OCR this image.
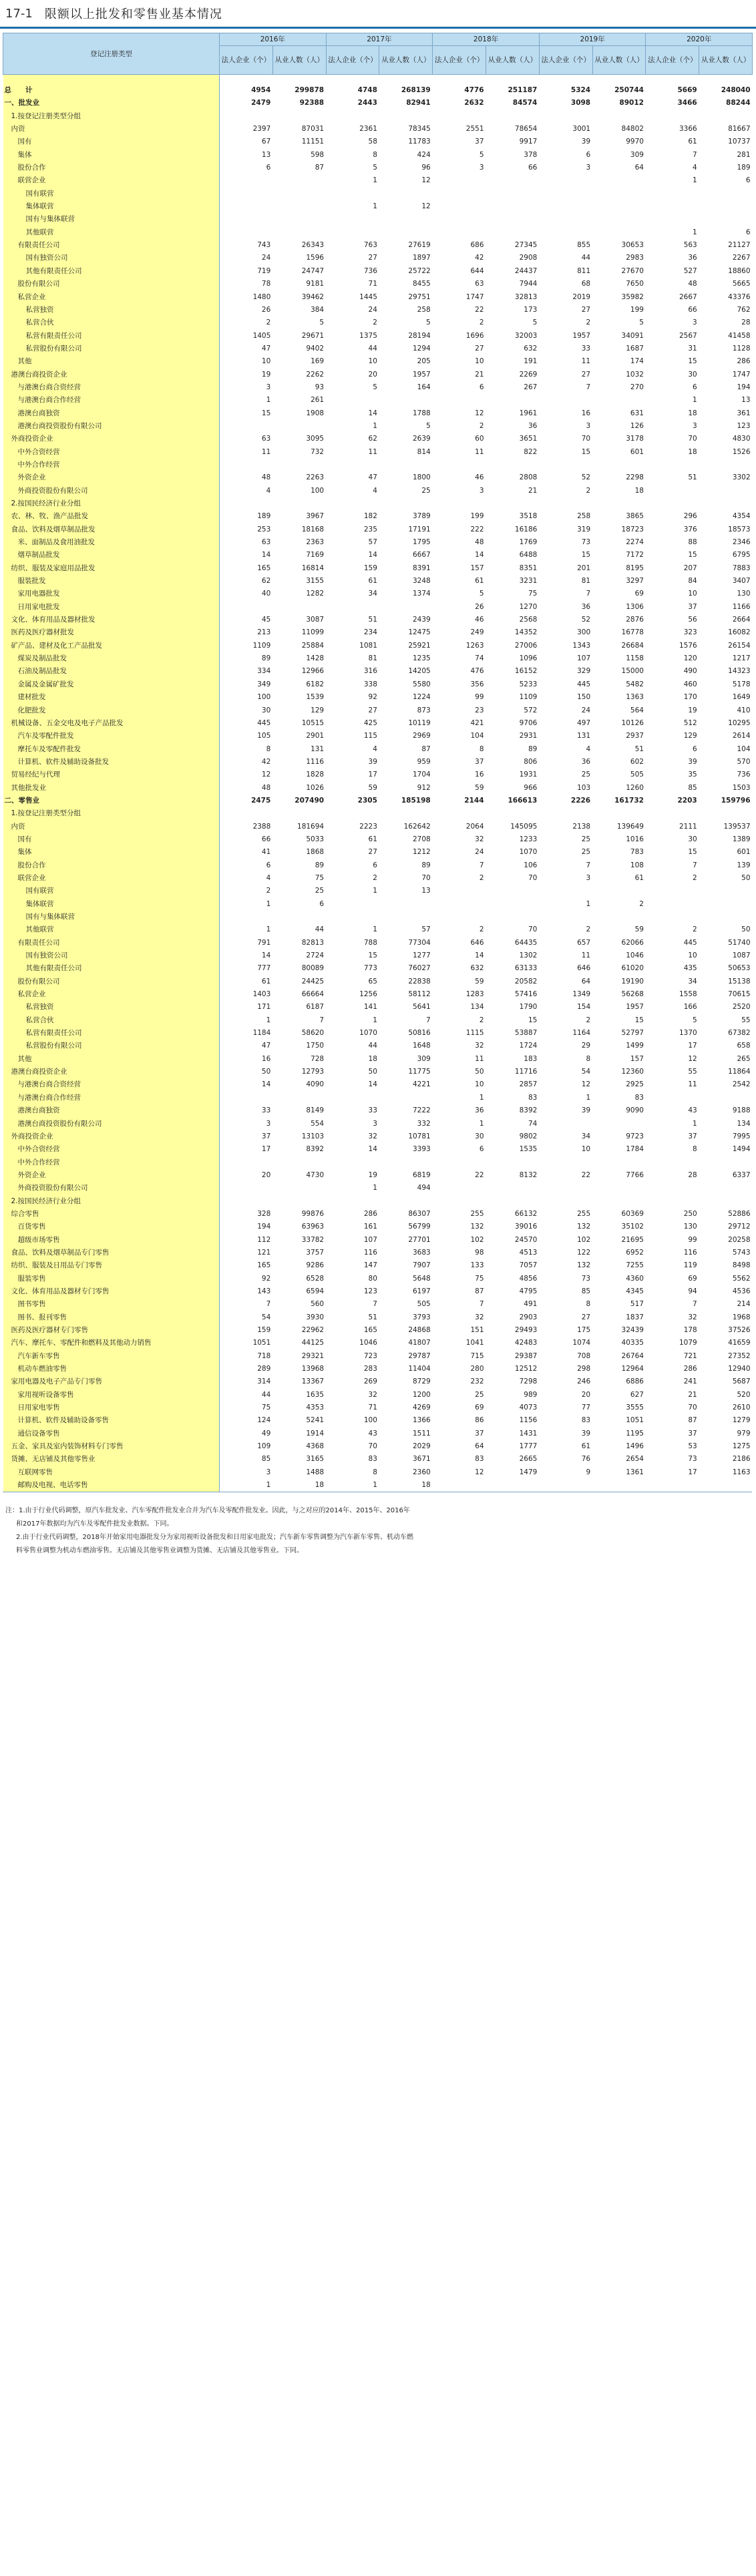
17-1 限额以上批发和零售业基本情况
登记注册类型	2016年		2017年		2018年		2019年		2020年	
	法人企业（个）	从业人数（人）	法人企业（个）	从业人数（人）	法人企业（个）	从业人数（人）	法人企业（个）	从业人数（人）	法人企业（个）	从业人数（人）

总　　计	4954	299878	4748	268139	4776	251187	5324	250744	5669	248040
一、批发业	2479	92388	2443	82941	2632	84574	3098	89012	3466	88244
1.按登记注册类型分组										
内资	2397	87031	2361	78345	2551	78654	3001	84802	3366	81667
国有	67	11151	58	11783	37	9917	39	9970	61	10737
集体	13	598	8	424	5	378	6	309	7	281
股份合作	6	87	5	96	3	66	3	64	4	189
联营企业			1	12					1	6
国有联营										
集体联营			1	12						
国有与集体联营										
其他联营									1	6
有限责任公司	743	26343	763	27619	686	27345	855	30653	563	21127
国有独资公司	24	1596	27	1897	42	2908	44	2983	36	2267
其他有限责任公司	719	24747	736	25722	644	24437	811	27670	527	18860
股份有限公司	78	9181	71	8455	63	7944	68	7650	48	5665
私营企业	1480	39462	1445	29751	1747	32813	2019	35982	2667	43376
私营独资	26	384	24	258	22	173	27	199	66	762
私营合伙	2	5	2	5	2	5	2	5	3	28
私营有限责任公司	1405	29671	1375	28194	1696	32003	1957	34091	2567	41458
私营股份有限公司	47	9402	44	1294	27	632	33	1687	31	1128
其他	10	169	10	205	10	191	11	174	15	286
港澳台商投资企业	19	2262	20	1957	21	2269	27	1032	30	1747
与港澳台商合资经营	3	93	5	164	6	267	7	270	6	194
与港澳台商合作经营	1	261							1	13
港澳台商独资	15	1908	14	1788	12	1961	16	631	18	361
港澳台商投资股份有限公司			1	5	2	36	3	126	3	123
外商投资企业	63	3095	62	2639	60	3651	70	3178	70	4830
中外合资经营	11	732	11	814	11	822	15	601	18	1526
中外合作经营										
外资企业	48	2263	47	1800	46	2808	52	2298	51	3302
外商投资股份有限公司	4	100	4	25	3	21	2	18		
2.按国民经济行业分组										
农、林、牧、渔产品批发	189	3967	182	3789	199	3518	258	3865	296	4354
食品、饮料及烟草制品批发	253	18168	235	17191	222	16186	319	18723	376	18573
米、面制品及食用油批发	63	2363	57	1795	48	1769	73	2274	88	2346
烟草制品批发	14	7169	14	6667	14	6488	15	7172	15	6795
纺织、服装及家庭用品批发	165	16814	159	8391	157	8351	201	8195	207	7883
服装批发	62	3155	61	3248	61	3231	81	3297	84	3407
家用电器批发	40	1282	34	1374	5	75	7	69	10	130
日用家电批发					26	1270	36	1306	37	1166
文化、体育用品及器材批发	45	3087	51	2439	46	2568	52	2876	56	2664
医药及医疗器材批发	213	11099	234	12475	249	14352	300	16778	323	16082
矿产品、建材及化工产品批发	1109	25884	1081	25921	1263	27006	1343	26684	1576	26154
煤炭及制品批发	89	1428	81	1235	74	1096	107	1158	120	1217
石油及制品批发	334	12966	316	14205	476	16152	329	15000	490	14323
金属及金属矿批发	349	6182	338	5580	356	5233	445	5482	460	5178
建材批发	100	1539	92	1224	99	1109	150	1363	170	1649
化肥批发	30	129	27	873	23	572	24	564	19	410
机械设备、五金交电及电子产品批发	445	10515	425	10119	421	9706	497	10126	512	10295
汽车及零配件批发	105	2901	115	2969	104	2931	131	2937	129	2614
摩托车及零配件批发	8	131	4	87	8	89	4	51	6	104
计算机、软件及辅助设备批发	42	1116	39	959	37	806	36	602	39	570
贸易经纪与代理	12	1828	17	1704	16	1931	25	505	35	736
其他批发业	48	1026	59	912	59	966	103	1260	85	1503
二、零售业	2475	207490	2305	185198	2144	166613	2226	161732	2203	159796
1.按登记注册类型分组										
内资	2388	181694	2223	162642	2064	145095	2138	139649	2111	139537
国有	66	5033	61	2708	32	1233	25	1016	30	1389
集体	41	1868	27	1212	24	1070	25	783	15	601
股份合作	6	89	6	89	7	106	7	108	7	139
联营企业	4	75	2	70	2	70	3	61	2	50
国有联营	2	25	1	13						
集体联营	1	6					1	2		
国有与集体联营										
其他联营	1	44	1	57	2	70	2	59	2	50
有限责任公司	791	82813	788	77304	646	64435	657	62066	445	51740
国有独资公司	14	2724	15	1277	14	1302	11	1046	10	1087
其他有限责任公司	777	80089	773	76027	632	63133	646	61020	435	50653
股份有限公司	61	24425	65	22838	59	20582	64	19190	34	15138
私营企业	1403	66664	1256	58112	1283	57416	1349	56268	1558	70615
私营独资	171	6187	141	5641	134	1790	154	1957	166	2520
私营合伙	1	7	1	7	2	15	2	15	5	55
私营有限责任公司	1184	58620	1070	50816	1115	53887	1164	52797	1370	67382
私营股份有限公司	47	1750	44	1648	32	1724	29	1499	17	658
其他	16	728	18	309	11	183	8	157	12	265
港澳台商投资企业	50	12793	50	11775	50	11716	54	12360	55	11864
与港澳台商合资经营	14	4090	14	4221	10	2857	12	2925	11	2542
与港澳台商合作经营					1	83	1	83		
港澳台商独资	33	8149	33	7222	36	8392	39	9090	43	9188
港澳台商投资股份有限公司	3	554	3	332	1	74			1	134
外商投资企业	37	13103	32	10781	30	9802	34	9723	37	7995
中外合资经营	17	8392	14	3393	6	1535	10	1784	8	1494
中外合作经营										
外资企业	20	4730	19	6819	22	8132	22	7766	28	6337
外商投资股份有限公司			1	494						
2.按国民经济行业分组										
综合零售	328	99876	286	86307	255	66132	255	60369	250	52886
百货零售	194	63963	161	56799	132	39016	132	35102	130	29712
超级市场零售	112	33782	107	27701	102	24570	102	21695	99	20258
食品、饮料及烟草制品专门零售	121	3757	116	3683	98	4513	122	6952	116	5743
纺织、服装及日用品专门零售	165	9286	147	7907	133	7057	132	7255	119	8498
服装零售	92	6528	80	5648	75	4856	73	4360	69	5562
文化、体育用品及器材专门零售	143	6594	123	6197	87	4795	85	4345	94	4536
图书零售	7	560	7	505	7	491	8	517	7	214
图书、报刊零售	54	3930	51	3793	32	2903	27	1837	32	1968
医药及医疗器材专门零售	159	22962	165	24868	151	29493	175	32439	178	37526
汽车、摩托车、零配件和燃料及其他动力销售	1051	44125	1046	41807	1041	42483	1074	40335	1079	41659
汽车新车零售	718	29321	723	29787	715	29387	708	26764	721	27352
机动车燃油零售	289	13968	283	11404	280	12512	298	12964	286	12940
家用电器及电子产品专门零售	314	13367	269	8729	232	7298	246	6886	241	5687
家用视听设备零售	44	1635	32	1200	25	989	20	627	21	520
日用家电零售	75	4353	71	4269	69	4073	77	3555	70	2610
计算机、软件及辅助设备零售	124	5241	100	1366	86	1156	83	1051	87	1279
通信设备零售	49	1914	43	1511	37	1431	39	1195	37	979
五金、家具及室内装饰材料专门零售	109	4368	70	2029	64	1777	61	1496	53	1275
货摊、无店铺及其他零售业	85	3165	83	3671	83	2665	76	2654	73	2186
互联网零售	3	1488	8	2360	12	1479	9	1361	17	1163
邮购及电视、电话零售	1	18	1	18						

注：1.由于行业代码调整，原汽车批发业、汽车零配件批发业合并为汽车及零配件批发业。因此，与之对应的2014年、2015年、2016年

和2017年数据均为汽车及零配件批发业数据。下同。

2.由于行业代码调整，2018年开始家用电器批发分为家用视听设备批发和日用家电批发；汽车新车零售调整为汽车新车零售、机动车燃

料零售业调整为机动车燃油零售。无店铺及其他零售业调整为货摊、无店铺及其他零售业。下同。
